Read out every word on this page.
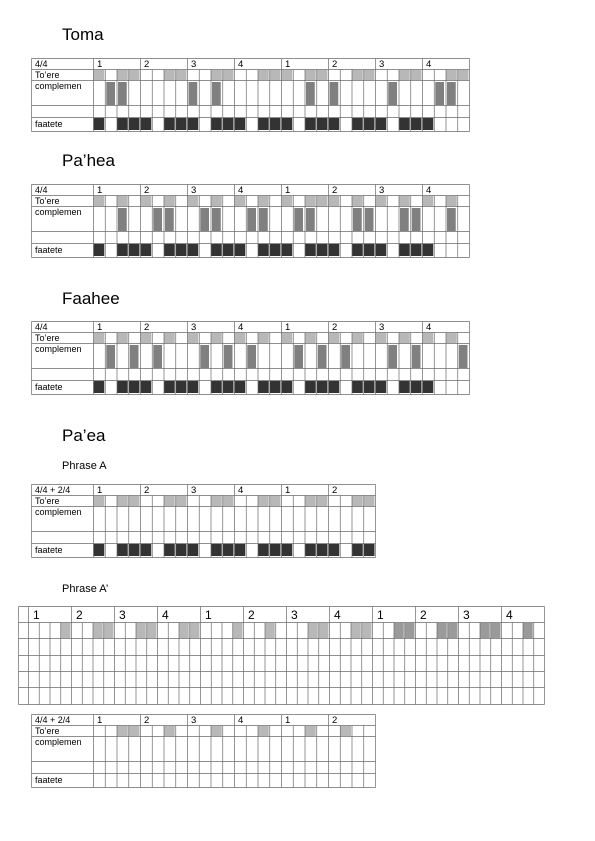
Toma
Pa’hea
Faahee
Pa’ea
Phrase A
Phrase A’
4/4	1	2	3	4	1	2	3	4
To’ere
complemen
faatete
4/4	1	2	3	4	1	2	3	4
To’ere
complemen
faatete
4/4	1	2	3	4	1	2	3	4
To’ere
complemen
faatete
4/4 + 2/4	1	2	3	4	1	2
To’ere
complemen
faatete
1	2	3	4	1	2	3	4	1	2	3	4
4/4 + 2/4	1	2	3	4	1	2
To’ere
complemen
faatete
